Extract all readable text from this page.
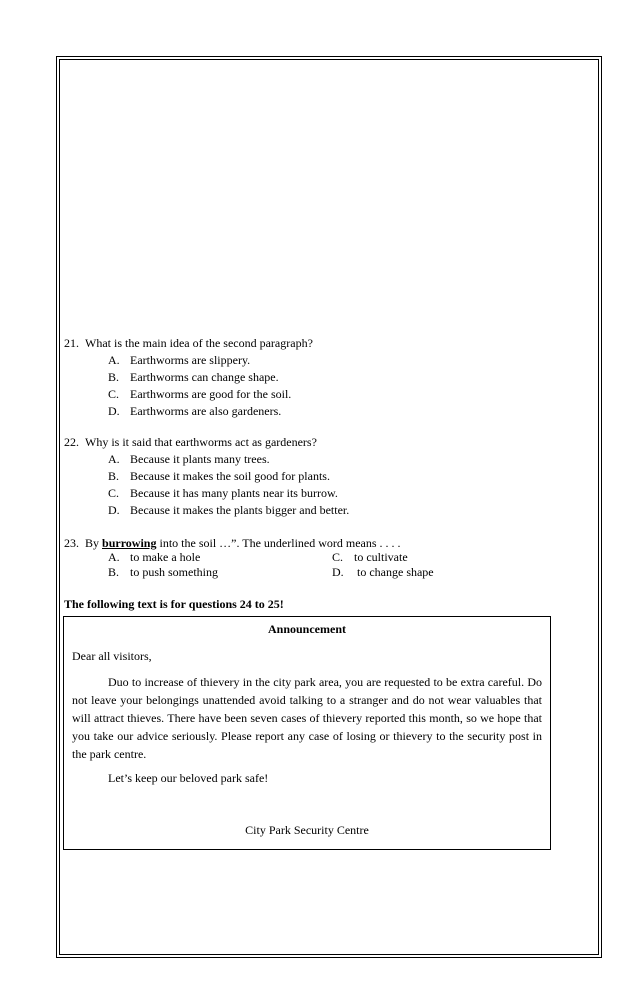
21. What is the main idea of the second paragraph?
A. Earthworms are slippery.
B. Earthworms can change shape.
C. Earthworms are good for the soil.
D. Earthworms are also gardeners.
22. Why is it said that earthworms act as gardeners?
A. Because it plants many trees.
B. Because it makes the soil good for plants.
C. Because it has many plants near its burrow.
D. Because it makes the plants bigger and better.
23. By burrowing into the soil …”. The underlined word means . . . .
A. to make a hole
B. to push something
C. to cultivate
D. to change shape
The following text is for questions 24 to 25!
Announcement
Dear all visitors,
Duo to increase of thievery in the city park area, you are requested to be extra careful. Do not leave your belongings unattended avoid talking to a stranger and do not wear valuables that will attract thieves. There have been seven cases of thievery reported this month, so we hope that you take our advice seriously. Please report any case of losing or thievery to the security post in the park centre.
Let’s keep our beloved park safe!
City Park Security Centre
